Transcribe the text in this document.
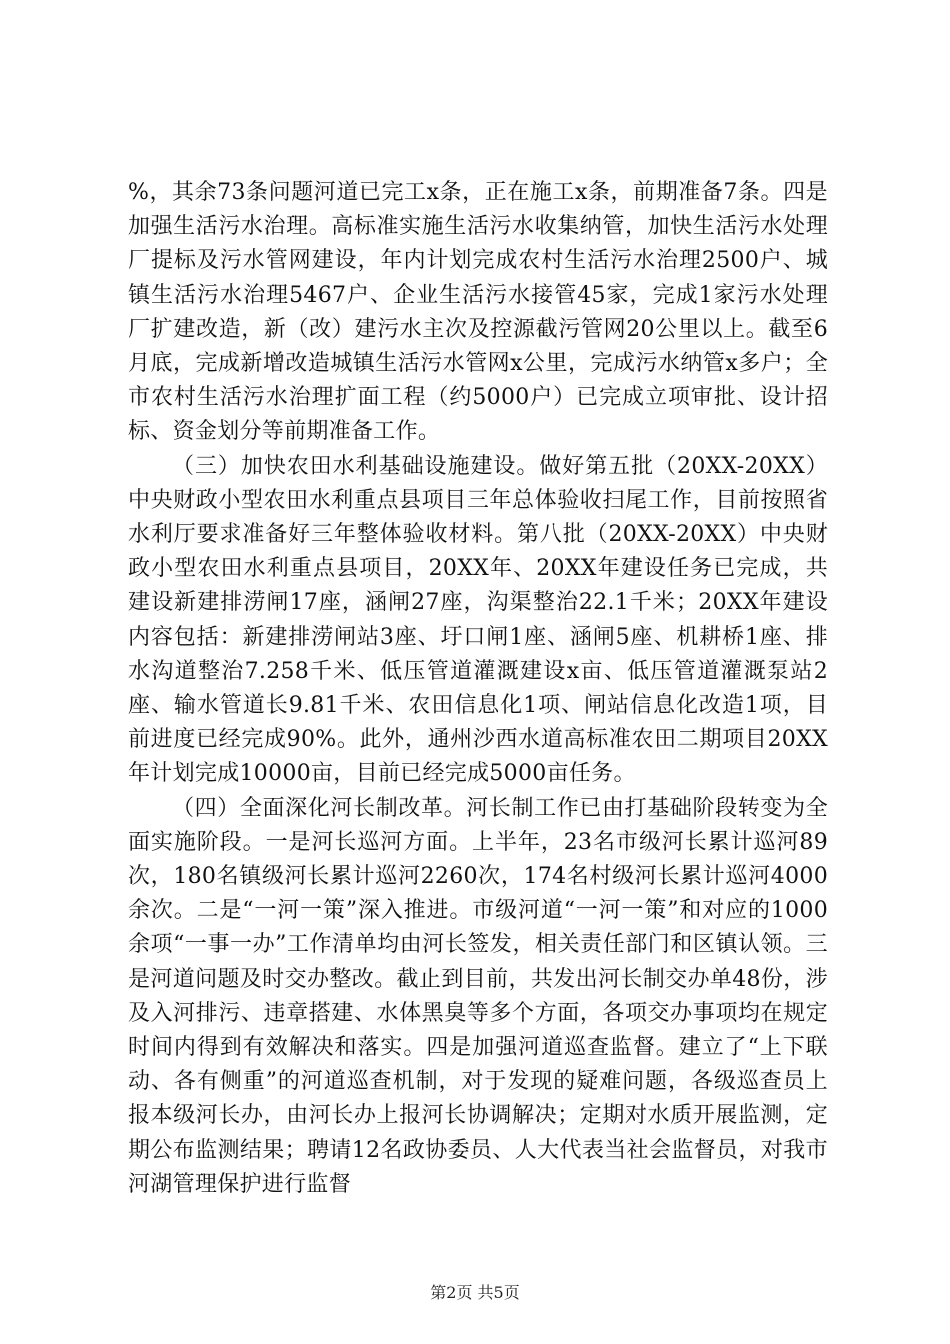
%，其余73条问题河道已完工x条，正在施工x条，前期准备7条。四是加强生活污水治理。高标准实施生活污水收集纳管，加快生活污水处理厂提标及污水管网建设，年内计划完成农村生活污水治理2500户、城镇生活污水治理5467户、企业生活污水接管45家，完成1家污水处理厂扩建改造，新（改）建污水主次及控源截污管网20公里以上。截至6月底，完成新增改造城镇生活污水管网x公里，完成污水纳管x多户；全市农村生活污水治理扩面工程（约5000户）已完成立项审批、设计招标、资金划分等前期准备工作。

（三）加快农田水利基础设施建设。做好第五批（20XX-20XX）中央财政小型农田水利重点县项目三年总体验收扫尾工作，目前按照省水利厅要求准备好三年整体验收材料。第八批（20XX-20XX）中央财政小型农田水利重点县项目，20XX年、20XX年建设任务已完成，共建设新建排涝闸17座，涵闸27座，沟渠整治22.1千米；20XX年建设内容包括：新建排涝闸站3座、圩口闸1座、涵闸5座、机耕桥1座、排水沟道整治7.258千米、低压管道灌溉建设x亩、低压管道灌溉泵站2座、输水管道长9.81千米、农田信息化1项、闸站信息化改造1项，目前进度已经完成90%。此外，通州沙西水道高标准农田二期项目20XX年计划完成10000亩，目前已经完成5000亩任务。

（四）全面深化河长制改革。河长制工作已由打基础阶段转变为全面实施阶段。一是河长巡河方面。上半年，23名市级河长累计巡河89次，180名镇级河长累计巡河2260次，174名村级河长累计巡河4000余次。二是“一河一策”深入推进。市级河道“一河一策”和对应的1000余项“一事一办”工作清单均由河长签发，相关责任部门和区镇认领。三是河道问题及时交办整改。截止到目前，共发出河长制交办单48份，涉及入河排污、违章搭建、水体黑臭等多个方面，各项交办事项均在规定时间内得到有效解决和落实。四是加强河道巡查监督。建立了“上下联动、各有侧重”的河道巡查机制，对于发现的疑难问题，各级巡查员上报本级河长办，由河长办上报河长协调解决；定期对水质开展监测，定期公布监测结果；聘请12名政协委员、人大代表当社会监督员，对我市河湖管理保护进行监督

第2页 共5页
